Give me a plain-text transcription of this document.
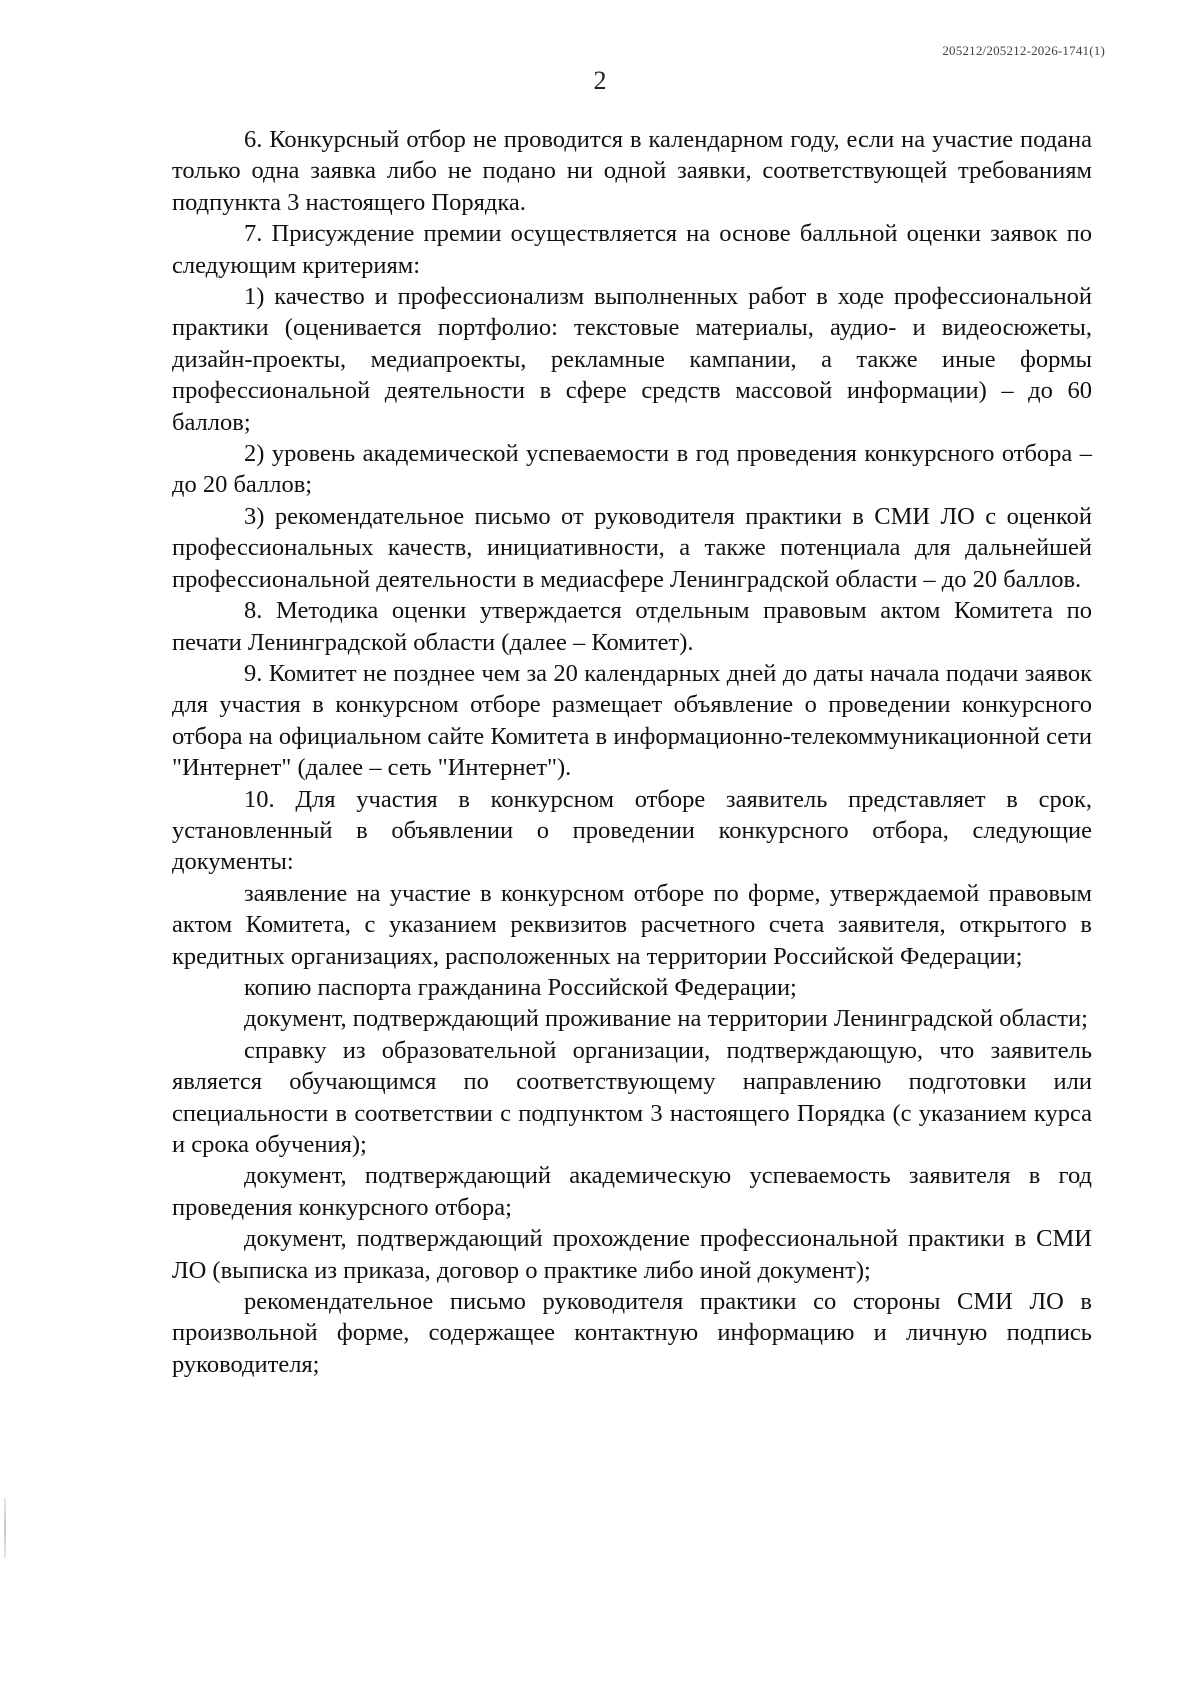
205212/205212-2026-1741(1)
2

6. Конкурсный отбор не проводится в календарном году, если на участие подана только одна заявка либо не подано ни одной заявки, соответствующей требованиям подпункта 3 настоящего Порядка.

7. Присуждение премии осуществляется на основе балльной оценки заявок по следующим критериям:

1) качество и профессионализм выполненных работ в ходе профессиональной практики (оценивается портфолио: текстовые материалы, аудио- и видеосюжеты, дизайн-проекты, медиапроекты, рекламные кампании, а также иные формы профессиональной деятельности в сфере средств массовой информации) – до 60 баллов;

2) уровень академической успеваемости в год проведения конкурсного отбора – до 20 баллов;

3) рекомендательное письмо от руководителя практики в СМИ ЛО с оценкой профессиональных качеств, инициативности, а также потенциала для дальнейшей профессиональной деятельности в медиасфере Ленинградской области – до 20 баллов.

8. Методика оценки утверждается отдельным правовым актом Комитета по печати Ленинградской области (далее – Комитет).

9. Комитет не позднее чем за 20 календарных дней до даты начала подачи заявок для участия в конкурсном отборе размещает объявление о проведении конкурсного отбора на официальном сайте Комитета в информационно-телекоммуникационной сети "Интернет" (далее – сеть "Интернет").

10. Для участия в конкурсном отборе заявитель представляет в срок, установленный в объявлении о проведении конкурсного отбора, следующие документы:

заявление на участие в конкурсном отборе по форме, утверждаемой правовым актом Комитета, с указанием реквизитов расчетного счета заявителя, открытого в кредитных организациях, расположенных на территории Российской Федерации;

копию паспорта гражданина Российской Федерации;

документ, подтверждающий проживание на территории Ленинградской области;

справку из образовательной организации, подтверждающую, что заявитель является обучающимся по соответствующему направлению подготовки или специальности в соответствии с подпунктом 3 настоящего Порядка (с указанием курса и срока обучения);

документ, подтверждающий академическую успеваемость заявителя в год проведения конкурсного отбора;

документ, подтверждающий прохождение профессиональной практики в СМИ ЛО (выписка из приказа, договор о практике либо иной документ);

рекомендательное письмо руководителя практики со стороны СМИ ЛО в произвольной форме, содержащее контактную информацию и личную подпись руководителя;
